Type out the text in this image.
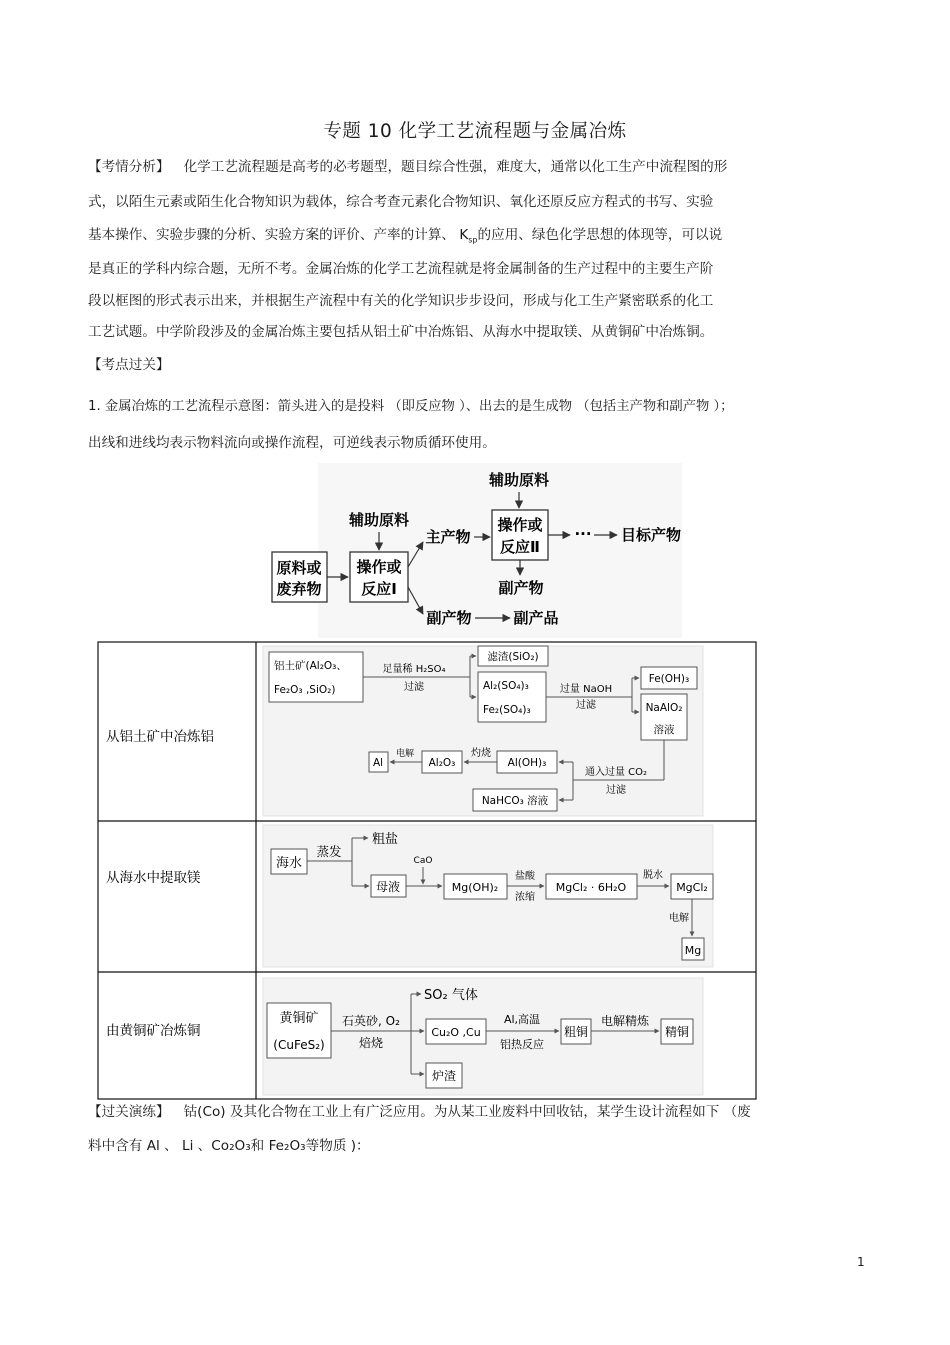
专题 10 化学工艺流程题与金属冶炼
【考情分析】 化学工艺流程题是高考的必考题型，题目综合性强，难度大，通常以化工生产中流程图的形
式，以陌生元素或陌生化合物知识为载体，综合考查元素化合物知识、氧化还原反应方程式的书写、实验
基本操作、实验步骤的分析、实验方案的评价、产率的计算、 $K_{sp}$的应用、绿色化学思想的体现等，可以说
是真正的学科内综合题，无所不考。金属冶炼的化学工艺流程就是将金属制备的生产过程中的主要生产阶
段以框图的形式表示出来，并根据生产流程中有关的化学知识步步设问，形成与化工生产紧密联系的化工
工艺试题。中学阶段涉及的金属冶炼主要包括从铝土矿中冶炼铝、从海水中提取镁、从黄铜矿中冶炼铜。
【考点过关】
1. 金属冶炼的工艺流程示意图：箭头进入的是投料 （即反应物 ）、出去的是生成物 （包括主产物和副产物 ）；
出线和进线均表示物料流向或操作流程，可逆线表示物质循环使用。
原料或
废弃物
辅助原料
操作或
反应Ⅰ
主产物
辅助原料
操作或
反应Ⅱ
··· 目标产物
副产物
副产物	副产品
从铝土矿中冶炼铝
从海水中提取镁
由黄铜矿冶炼铜
铝土矿(Al₂O₃、
Fe₂O₃ ,SiO₂)
足量稀 H₂SO₄
过滤
滤渣(SiO₂)
Al₂(SO₄)₃
Fe₂(SO₄)₃
过量 NaOH
过滤
Fe(OH)₃
NaAlO₂
溶液
通入过量 CO₂
过滤
Al(OH)₃
NaHCO₃ 溶液
灼烧
Al₂O₃
电解
Al
海水
蒸发
粗盐
母液
CaO
Mg(OH)₂
盐酸
浓缩
MgCl₂ · 6H₂O
脱水
MgCl₂
电解
Mg
黄铜矿
(CuFeS₂)
石英砂, O₂
焙烧
SO₂ 气体
Cu₂O ,Cu
炉渣
Al,高温
铝热反应
粗铜
电解精炼
精铜
【过关演练】 钴(Co) 及其化合物在工业上有广泛应用。为从某工业废料中回收钴，某学生设计流程如下 （废
料中含有 Al 、 Li 、Co₂O₃和 Fe₂O₃等物质 )：
1
